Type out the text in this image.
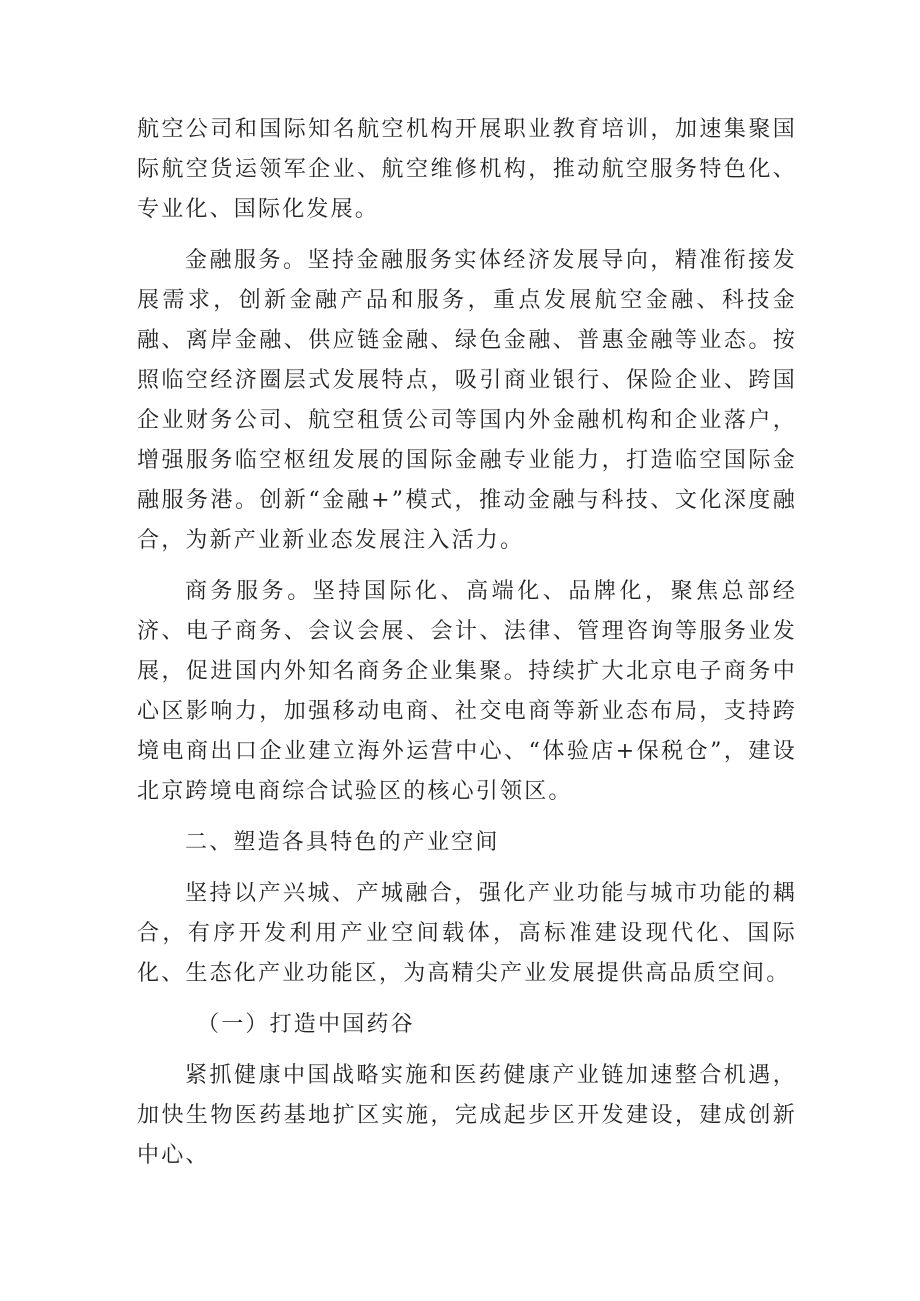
航空公司和国际知名航空机构开展职业教育培训，加速集聚国际航空货运领军企业、航空维修机构，推动航空服务特色化、专业化、国际化发展。

金融服务。坚持金融服务实体经济发展导向，精准衔接发展需求，创新金融产品和服务，重点发展航空金融、科技金融、离岸金融、供应链金融、绿色金融、普惠金融等业态。按照临空经济圈层式发展特点，吸引商业银行、保险企业、跨国企业财务公司、航空租赁公司等国内外金融机构和企业落户，增强服务临空枢纽发展的国际金融专业能力，打造临空国际金融服务港。创新“金融+”模式，推动金融与科技、文化深度融合，为新产业新业态发展注入活力。

商务服务。坚持国际化、高端化、品牌化，聚焦总部经济、电子商务、会议会展、会计、法律、管理咨询等服务业发展，促进国内外知名商务企业集聚。持续扩大北京电子商务中心区影响力，加强移动电商、社交电商等新业态布局，支持跨境电商出口企业建立海外运营中心、“体验店+保税仓”，建设北京跨境电商综合试验区的核心引领区。

二、塑造各具特色的产业空间

坚持以产兴城、产城融合，强化产业功能与城市功能的耦合，有序开发利用产业空间载体，高标准建设现代化、国际化、生态化产业功能区，为高精尖产业发展提供高品质空间。

（一）打造中国药谷

紧抓健康中国战略实施和医药健康产业链加速整合机遇，加快生物医药基地扩区实施，完成起步区开发建设，建成创新中心、
